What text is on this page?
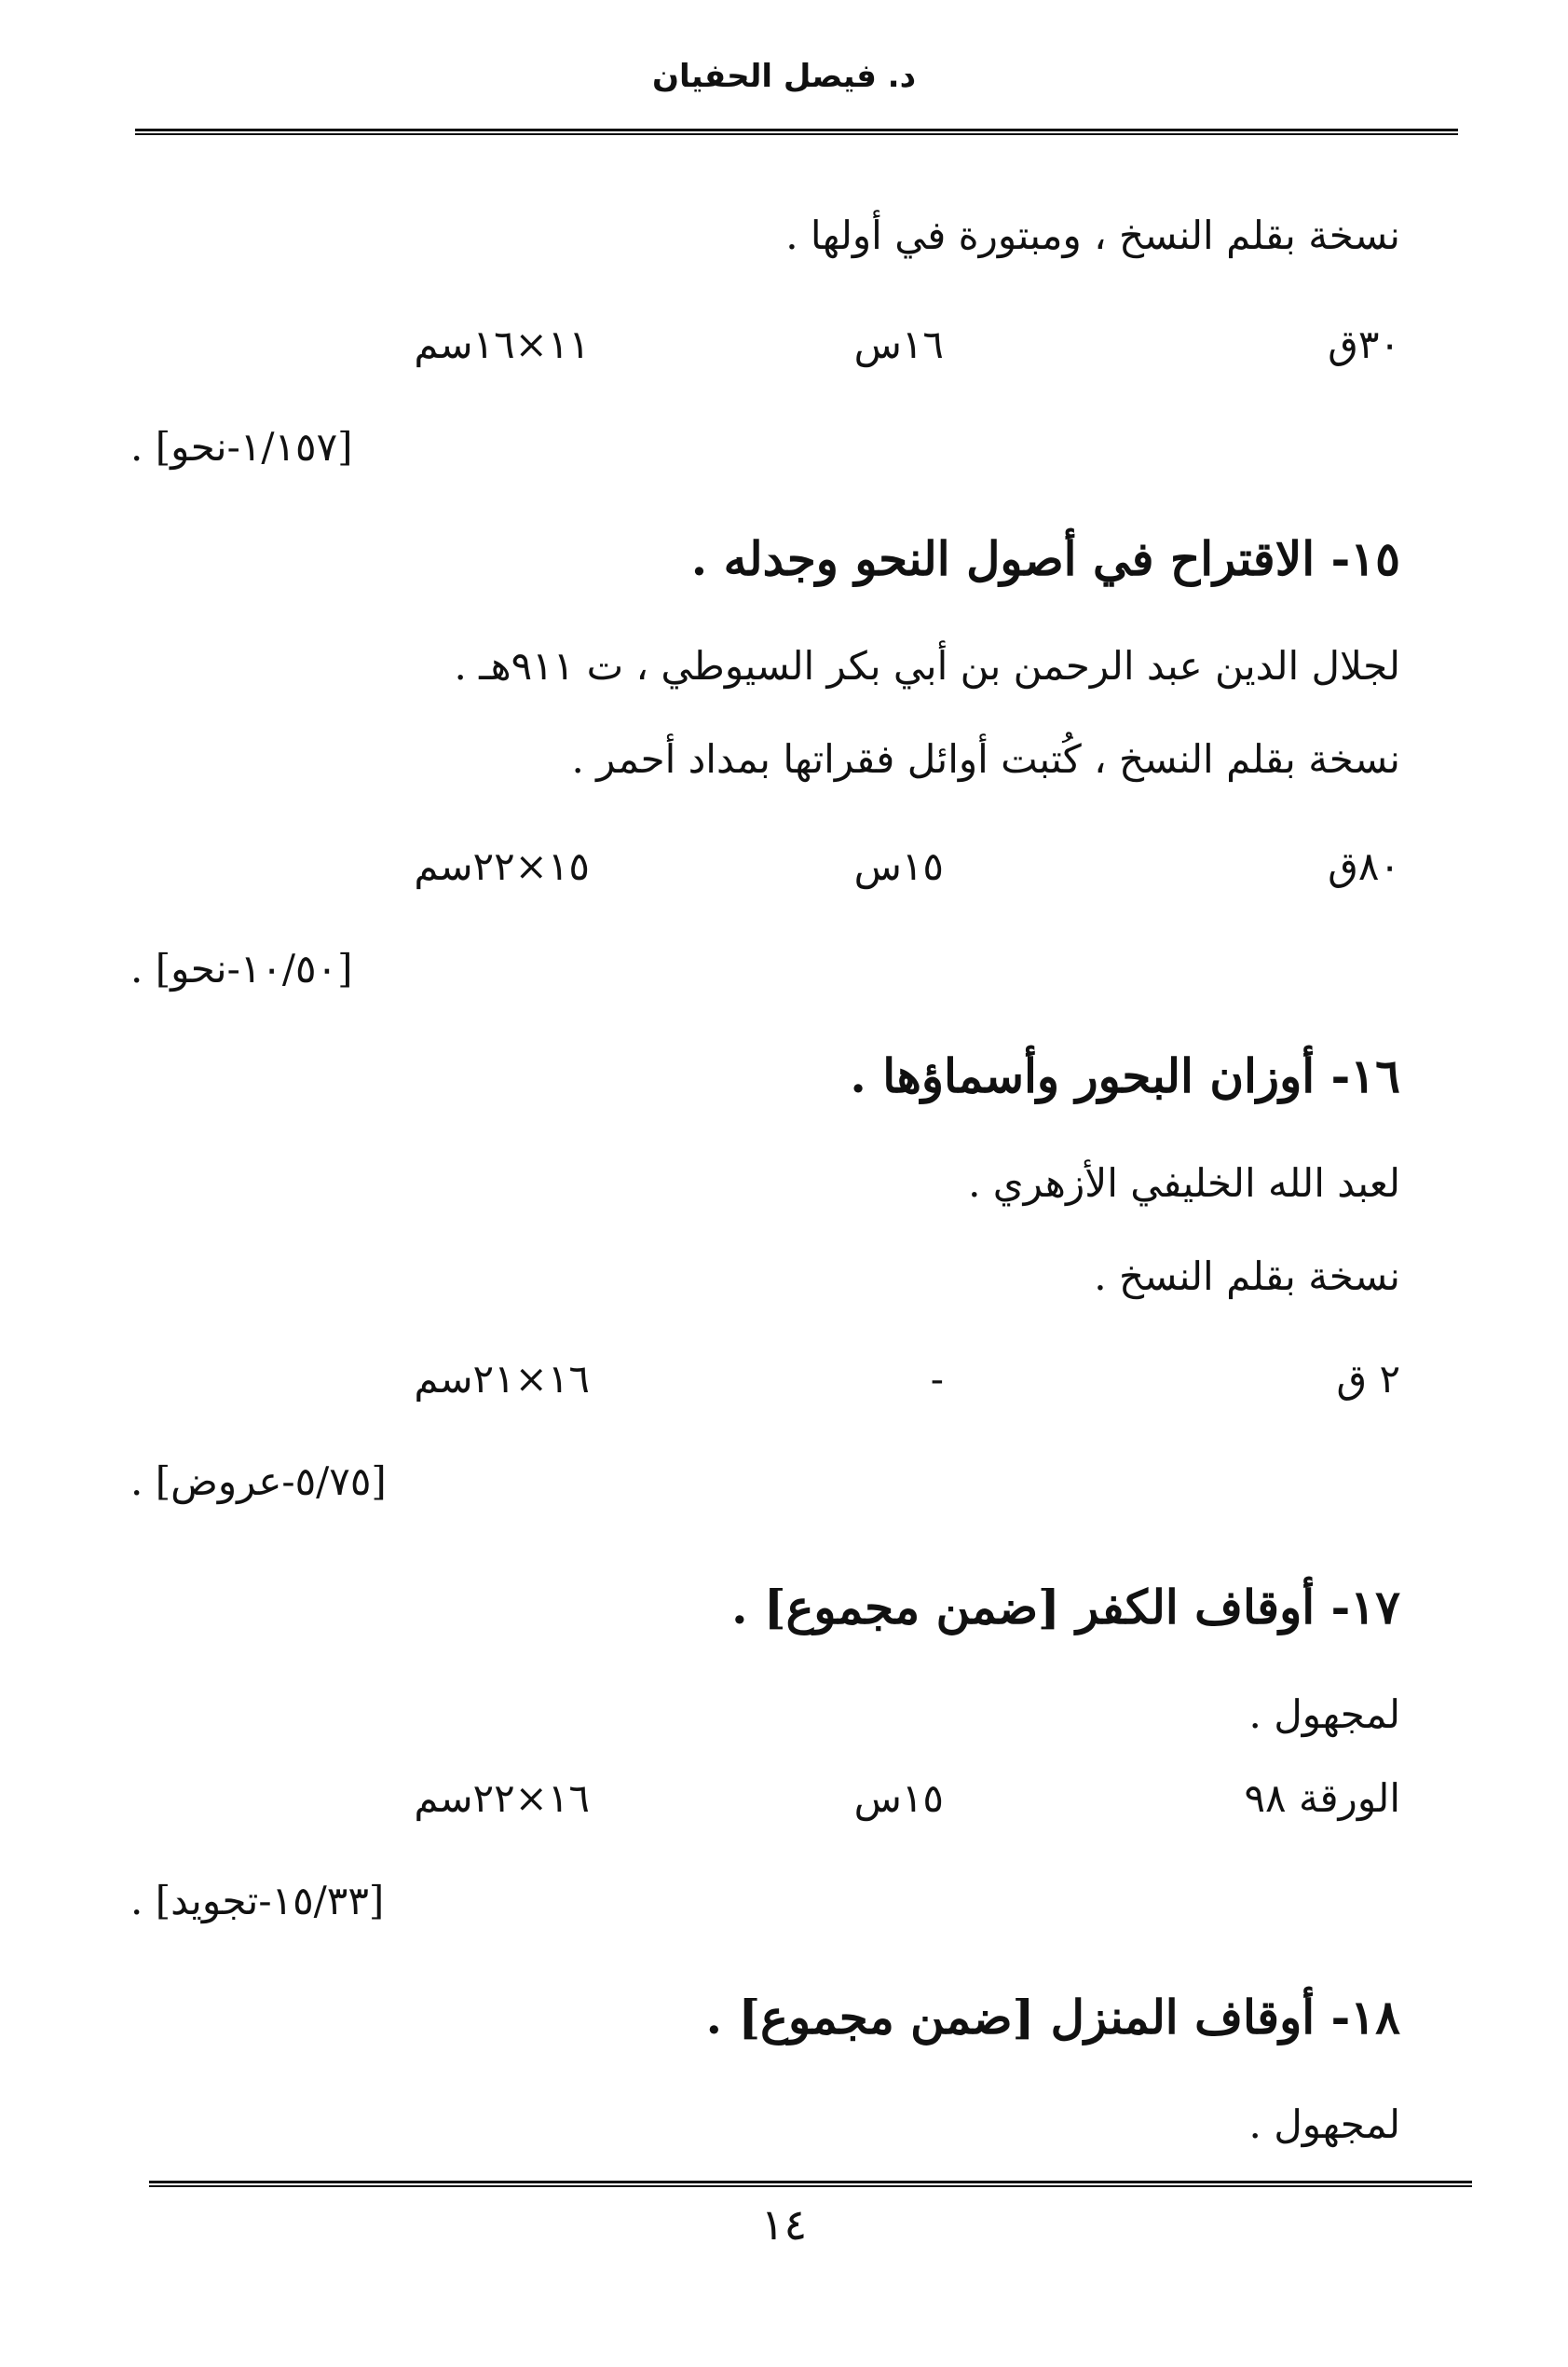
د. فيصل الحفيان
نسخة بقلم النسخ ، ومبتورة في أولها .
٣٠ق
١٦س
١١×١٦سم
[١/١٥٧-نحو] .
١٥- الاقتراح في أصول النحو وجدله .
لجلال الدين عبد الرحمن بن أبي بكر السيوطي ، ت ٩١١هـ .
نسخة بقلم النسخ ، كُتبت أوائل فقراتها بمداد أحمر .
٨٠ق
١٥س
١٥×٢٢سم
[١٠/٥٠-نحو] .
١٦- أوزان البحور وأسماؤها .
لعبد الله الخليفي الأزهري .
نسخة بقلم النسخ .
٢ ق
-
١٦×٢١سم
[٥/٧٥-عروض] .
١٧- أوقاف الكفر [ضمن مجموع] .
لمجهول .
الورقة ٩٨
١٥س
١٦×٢٢سم
[١٥/٣٣-تجويد] .
١٨- أوقاف المنزل [ضمن مجموع] .
لمجهول .
١٤
